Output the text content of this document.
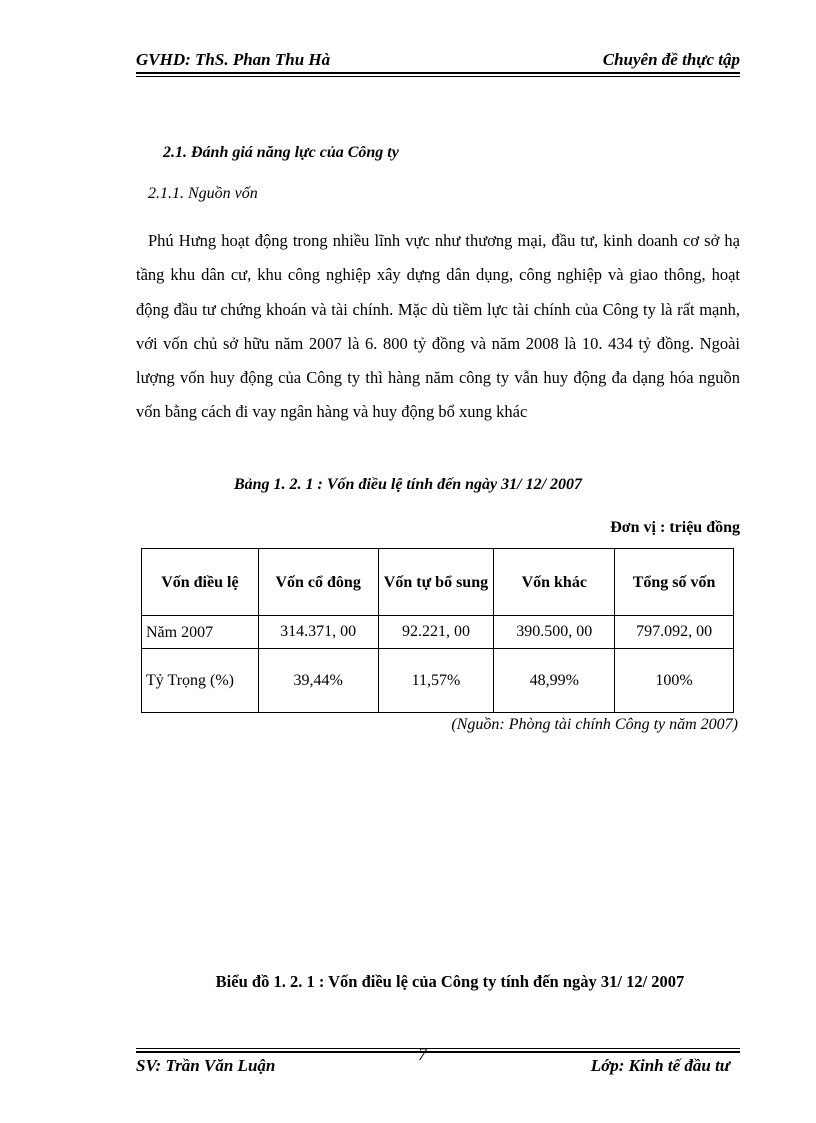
GVHD: ThS. Phan Thu Hà	Chuyên đề thực tập
2.1. Đánh giá năng lực của Công ty
2.1.1. Nguồn vốn

Phú Hưng hoạt động trong nhiều lĩnh vực như thương mại, đầu tư, kinh doanh cơ sở hạ tầng khu dân cư, khu công nghiệp xây dựng dân dụng, công nghiệp và giao thông, hoạt động đầu tư chứng khoán và tài chính. Mặc dù tiềm lực tài chính của Công ty là rất mạnh, với vốn chủ sở hữu năm 2007 là 6. 800 tỷ đồng và năm 2008 là 10. 434 tỷ đồng. Ngoài lượng vốn huy động của Công ty thì hàng năm công ty vẫn huy động đa dạng hóa nguồn vốn bằng cách đi vay ngân hàng và huy động bổ xung khác

Bảng 1. 2. 1 : Vốn điều lệ tính đến ngày 31/ 12/ 2007
Đơn vị : triệu đồng
Vốn điều lệ	Vốn cổ đông	Vốn tự bổ sung	Vốn khác	Tổng số vốn
Năm 2007	314.371, 00	92.221, 00	390.500, 00	797.092, 00
Tỷ Trọng (%)	39,44%	11,57%	48,99%	100%
(Nguồn: Phòng tài chính Công ty năm 2007)
Biểu đồ 1. 2. 1 : Vốn điều lệ của Công ty tính đến ngày 31/ 12/ 2007
SV: Trần Văn Luận
7
Lớp: Kinh tế đầu tư
